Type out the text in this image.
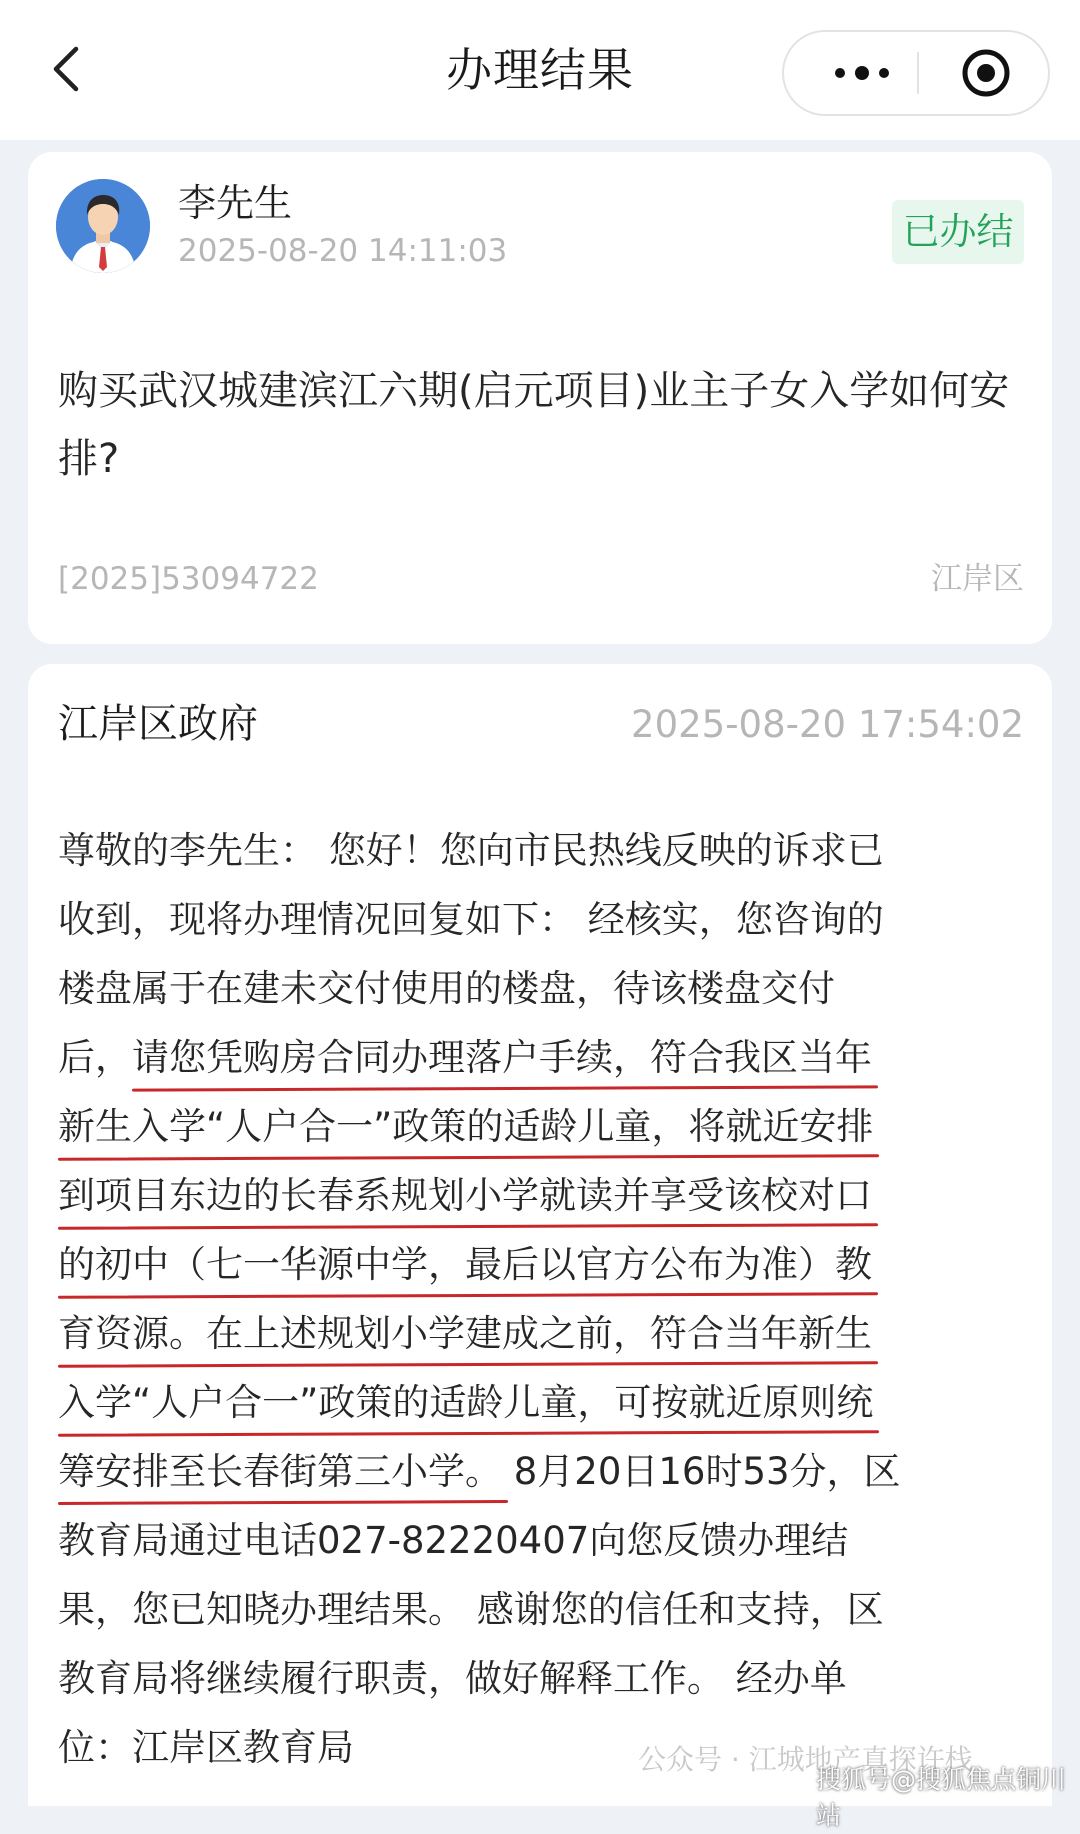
办理结果
李先生
2025-08-20 14:11:03	已办结
购买武汉城建滨江六期(启元项目)业主子女入学如何安排?
[2025]53094722	江岸区
江岸区政府	2025-08-20 17:54:02
尊敬的李先生： 您好！您向市民热线反映的诉求已
收到，现将办理情况回复如下： 经核实，您咨询的
楼盘属于在建未交付使用的楼盘，待该楼盘交付
后，请您凭购房合同办理落户手续，符合我区当年
新生入学“人户合一”政策的适龄儿童，将就近安排
到项目东边的长春系规划小学就读并享受该校对口
的初中（七一华源中学，最后以官方公布为准）教
育资源。在上述规划小学建成之前，符合当年新生
入学“人户合一”政策的适龄儿童，可按就近原则统
筹安排至长春街第三小学。 8月20日16时53分，区
教育局通过电话027-82220407向您反馈办理结
果，您已知晓办理结果。 感谢您的信任和支持，区
教育局将继续履行职责，做好解释工作。 经办单
位：江岸区教育局	公众号 · 江城地产真探许栈
搜狐号@搜狐焦点铜川站
